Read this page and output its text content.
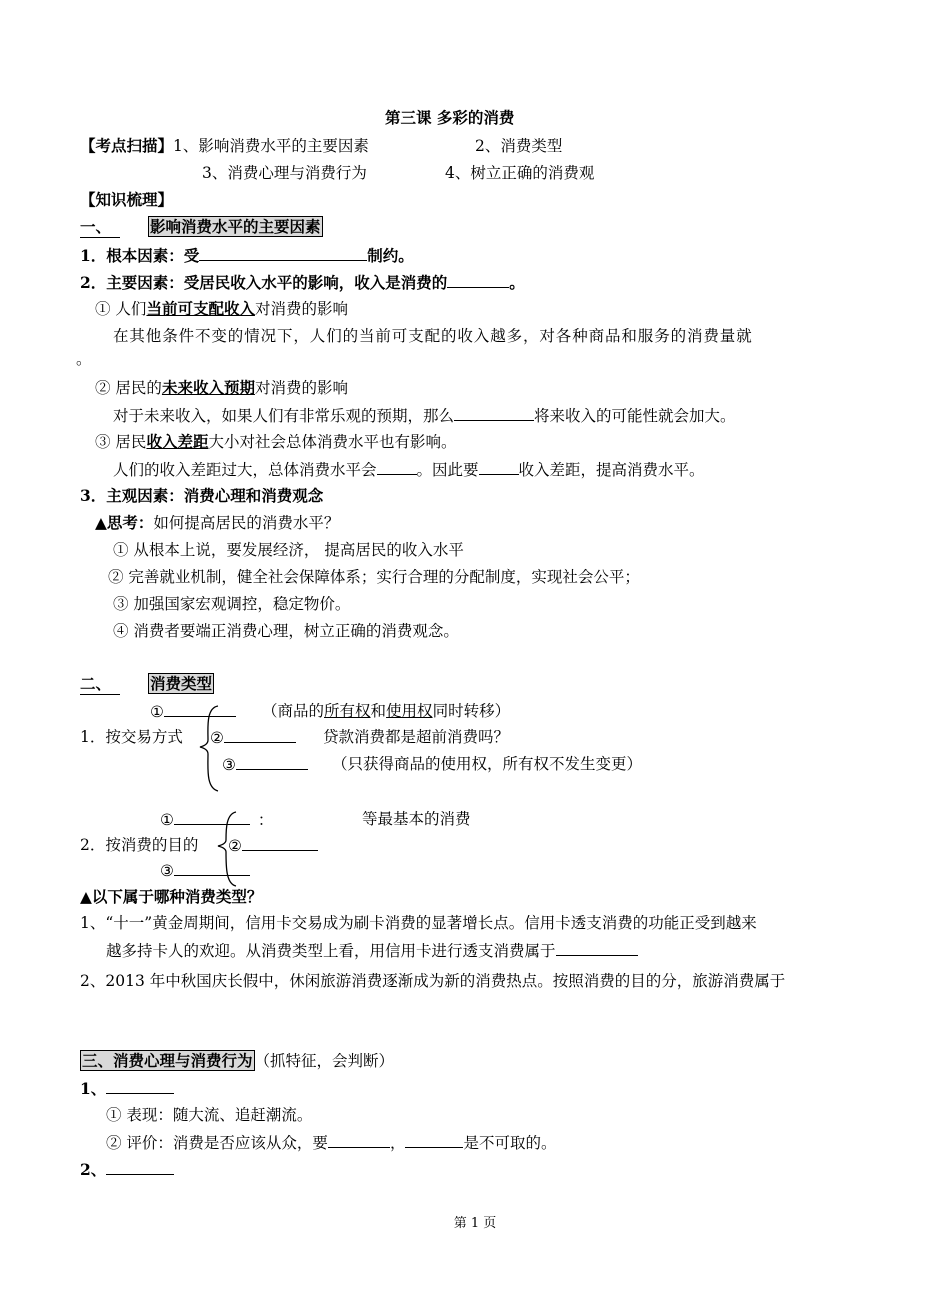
第三课 多彩的消费
【考点扫描】1、影响消费水平的主要因素	2、消费类型
3、消费心理与消费行为	4、树立正确的消费观
【知识梳理】
一、	影响消费水平的主要因素
1．根本因素：受	制约。
2．主要因素：受居民收入水平的影响，收入是消费的	。
① 人们当前可支配收入对消费的影响
在其他条件不变的情况下，人们的当前可支配的收入越多，对各种商品和服务的消费量就
。
② 居民的未来收入预期对消费的影响
对于未来收入，如果人们有非常乐观的预期，那么	将来收入的可能性就会加大。
③ 居民收入差距大小对社会总体消费水平也有影响。
人们的收入差距过大，总体消费水平会	。因此要	收入差距，提高消费水平。
3．主观因素：消费心理和消费观念
▲思考：如何提高居民的消费水平？
① 从根本上说，要发展经济， 提高居民的收入水平
② 完善就业机制，健全社会保障体系；实行合理的分配制度，实现社会公平；
③ 加强国家宏观调控，稳定物价。
④ 消费者要端正消费心理，树立正确的消费观念。
二、	消费类型
①	（商品的所有权和使用权同时转移）
1．按交易方式 ②	贷款消费都是超前消费吗？
③	（只获得商品的使用权，所有权不发生变更）
①	：	等最基本的消费
2．按消费的目的 ②
③
▲以下属于哪种消费类型？
1、“十一”黄金周期间，信用卡交易成为刷卡消费的显著增长点。信用卡透支消费的功能正受到越来
越多持卡人的欢迎。从消费类型上看，用信用卡进行透支消费属于
2、2013 年中秋国庆长假中，休闲旅游消费逐渐成为新的消费热点。按照消费的目的分，旅游消费属于
三、消费心理与消费行为 （抓特征，会判断）
1、
① 表现：随大流、追赶潮流。
② 评价：消费是否应该从众，要	，	是不可取的。
2、
第 1 页
